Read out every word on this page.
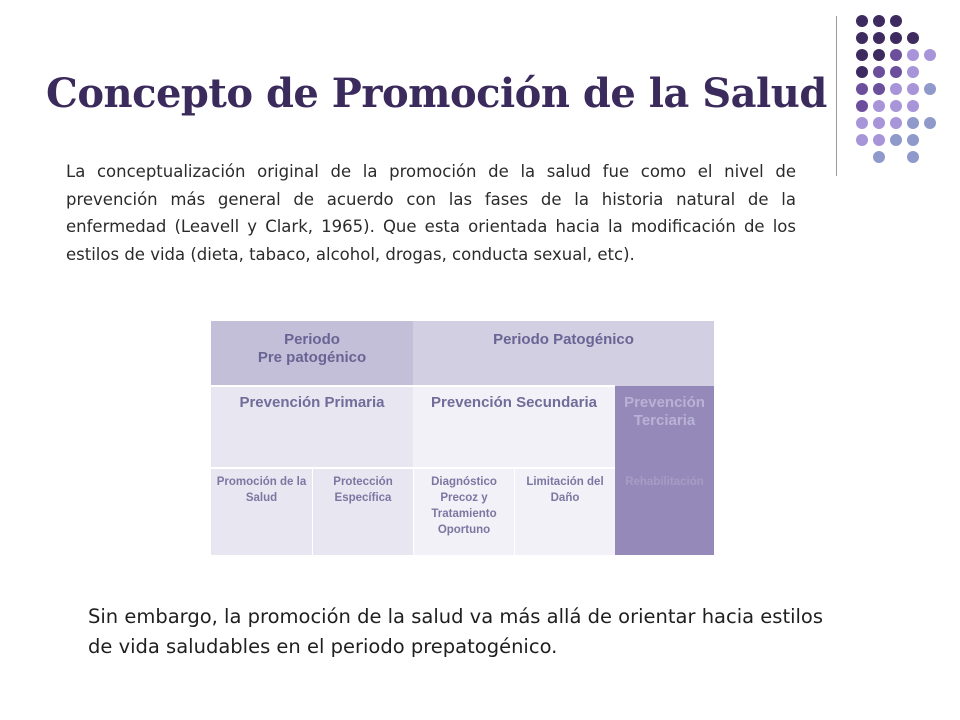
Concepto de Promoción de la Salud

La conceptualización original de la promoción de la salud fue como el nivel de prevención más general de acuerdo con las fases de la historia natural de la enfermedad (Leavell y Clark, 1965). Que esta orientada hacia la modificación de los estilos de vida (dieta, tabaco, alcohol, drogas, conducta sexual, etc).

Periodo
Pre patogénico
Periodo Patogénico
Prevención Primaria	Prevención Secundaria	Prevención
Terciaria
Promoción de la
Salud
Protección
Específica
Diagnóstico
Precoz y
Tratamiento
Oportuno
Limitación del
Daño
Rehabilitación

Sin embargo, la promoción de la salud va más allá de orientar hacia estilos de vida saludables en el periodo prepatogénico.
